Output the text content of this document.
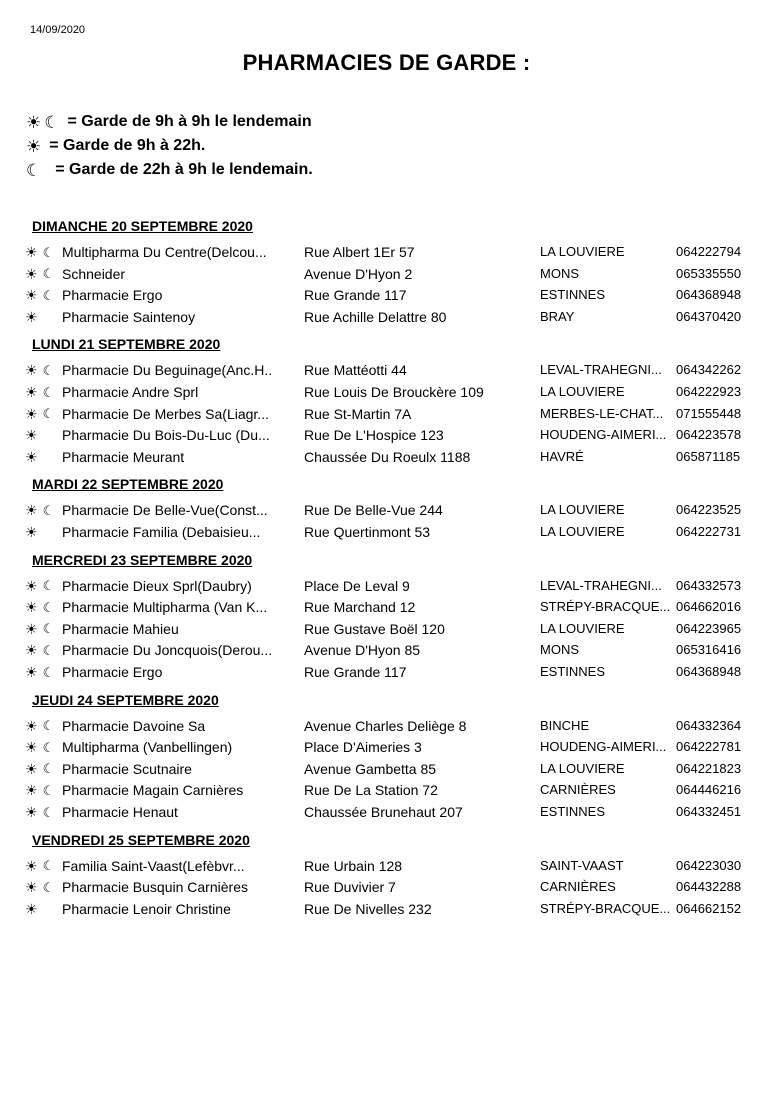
14/09/2020
PHARMACIES DE GARDE :
☀ ☾ = Garde de 9h à 9h le lendemain
☀ = Garde de 9h à 22h.
☾ = Garde de 22h à 9h le lendemain.
DIMANCHE 20 SEPTEMBRE 2020
☀ ☾ Multipharma Du Centre(Delcou...	Rue Albert 1Er 57	LA LOUVIERE	064222794
☀ ☾ Schneider	Avenue D'Hyon 2	MONS	065335550
☀ ☾ Pharmacie Ergo	Rue Grande 117	ESTINNES	064368948
☀ Pharmacie Saintenoy	Rue Achille Delattre 80	BRAY	064370420
LUNDI 21 SEPTEMBRE 2020
☀ ☾ Pharmacie Du Beguinage(Anc.H..	Rue Mattéotti 44	LEVAL-TRAHEGNI...	064342262
☀ ☾ Pharmacie Andre Sprl	Rue Louis De Brouckère 109	LA LOUVIERE	064222923
☀ ☾ Pharmacie De Merbes Sa(Liagr...	Rue St-Martin 7A	MERBES-LE-CHAT... 071555448
☀ Pharmacie Du Bois-Du-Luc (Du...	Rue De L'Hospice 123	HOUDENG-AIMERI... 064223578
☀ Pharmacie Meurant	Chaussée Du Roeulx 1188	HAVRÉ	065871185
MARDI 22 SEPTEMBRE 2020
☀ ☾ Pharmacie De Belle-Vue(Const...	Rue De Belle-Vue 244	LA LOUVIERE	064223525
☀ Pharmacie Familia (Debaisieu...	Rue Quertinmont 53	LA LOUVIERE	064222731
MERCREDI 23 SEPTEMBRE 2020
☀ ☾ Pharmacie Dieux Sprl(Daubry)	Place De Leval 9	LEVAL-TRAHEGNI...	064332573
☀ ☾ Pharmacie Multipharma (Van K...	Rue Marchand 12	STRÉPY-BRACQUE... 064662016
☀ ☾ Pharmacie Mahieu	Rue Gustave Boël 120	LA LOUVIERE	064223965
☀ ☾ Pharmacie Du Joncquois(Derou...	Avenue D'Hyon 85	MONS	065316416
☀ ☾ Pharmacie Ergo	Rue Grande 117	ESTINNES	064368948
JEUDI 24 SEPTEMBRE 2020
☀ ☾ Pharmacie Davoine Sa	Avenue Charles Deliège 8	BINCHE	064332364
☀ ☾ Multipharma (Vanbellingen)	Place D'Aimeries 3	HOUDENG-AIMERI... 064222781
☀ ☾ Pharmacie Scutnaire	Avenue Gambetta 85	LA LOUVIERE	064221823
☀ ☾ Pharmacie Magain Carnières	Rue De La Station 72	CARNIÈRES	064446216
☀ ☾ Pharmacie Henaut	Chaussée Brunehaut 207	ESTINNES	064332451
VENDREDI 25 SEPTEMBRE 2020
☀ ☾ Familia Saint-Vaast(Lefèbvr...	Rue Urbain 128	SAINT-VAAST	064223030
☀ ☾ Pharmacie Busquin Carnières	Rue Duvivier 7	CARNIÈRES	064432288
☀ Pharmacie Lenoir Christine	Rue De Nivelles 232	STRÉPY-BRACQUE... 064662152
